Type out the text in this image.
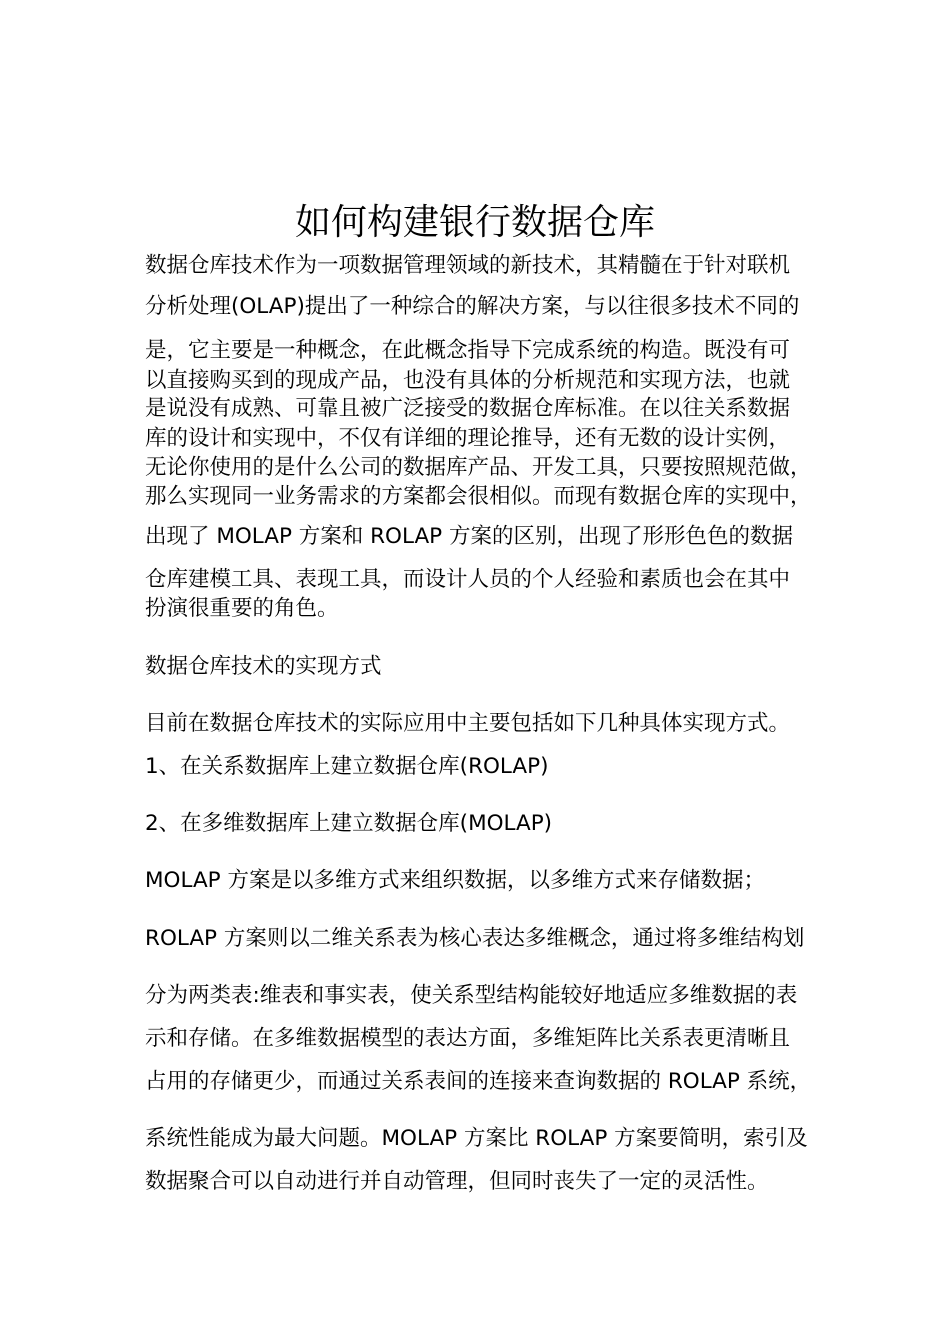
如何构建银行数据仓库

数据仓库技术作为一项数据管理领域的新技术，其精髓在于针对联机

分析处理(OLAP)提出了一种综合的解决方案，与以往很多技术不同的

是，它主要是一种概念，在此概念指导下完成系统的构造。既没有可

以直接购买到的现成产品，也没有具体的分析规范和实现方法，也就

是说没有成熟、可靠且被广泛接受的数据仓库标准。在以往关系数据

库的设计和实现中，不仅有详细的理论推导，还有无数的设计实例，

无论你使用的是什么公司的数据库产品、开发工具，只要按照规范做，

那么实现同一业务需求的方案都会很相似。而现有数据仓库的实现中，

出现了 MOLAP 方案和 ROLAP 方案的区别，出现了形形色色的数据

仓库建模工具、表现工具，而设计人员的个人经验和素质也会在其中

扮演很重要的角色。

数据仓库技术的实现方式

目前在数据仓库技术的实际应用中主要包括如下几种具体实现方式。

1、在关系数据库上建立数据仓库(ROLAP)

2、在多维数据库上建立数据仓库(MOLAP)

MOLAP 方案是以多维方式来组织数据，以多维方式来存储数据；

ROLAP 方案则以二维关系表为核心表达多维概念，通过将多维结构划

分为两类表:维表和事实表，使关系型结构能较好地适应多维数据的表

示和存储。在多维数据模型的表达方面，多维矩阵比关系表更清晰且

占用的存储更少，而通过关系表间的连接来查询数据的 ROLAP 系统，

系统性能成为最大问题。MOLAP 方案比 ROLAP 方案要简明，索引及

数据聚合可以自动进行并自动管理，但同时丧失了一定的灵活性。
